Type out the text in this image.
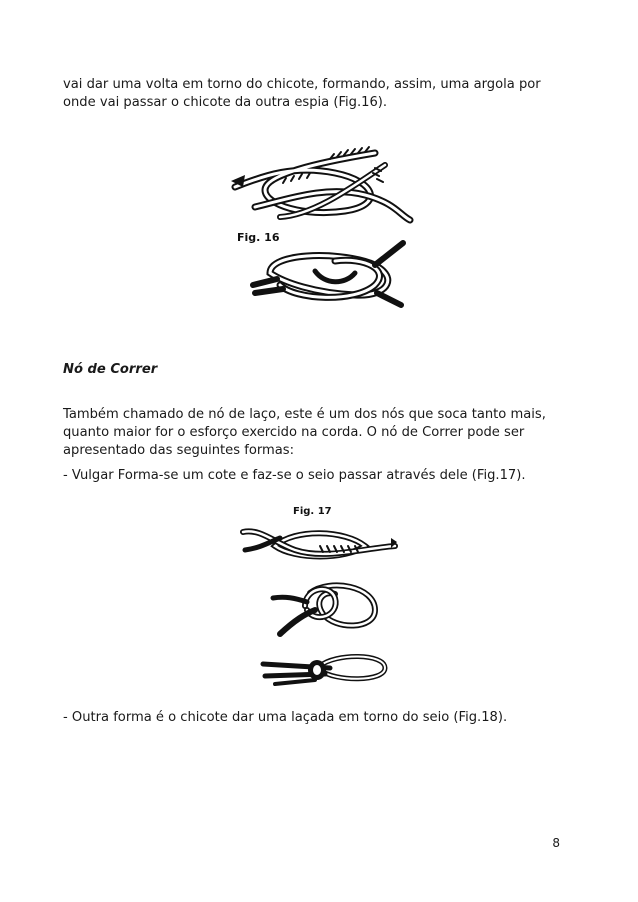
vai dar uma volta em torno do chicote, formando, assim, uma argola por onde vai passar o chicote da outra espia (Fig.16).

Fig. 16

Nó de Correr

Também chamado de nó de laço, este é um dos nós que soca tanto mais, quanto maior for o esforço exercido na corda. O nó de Correr pode ser apresentado das seguintes formas:

- Vulgar Forma-se um cote e faz-se o seio passar através dele (Fig.17).

Fig. 17

- Outra forma é o chicote dar uma laçada em torno do seio (Fig.18).

8
